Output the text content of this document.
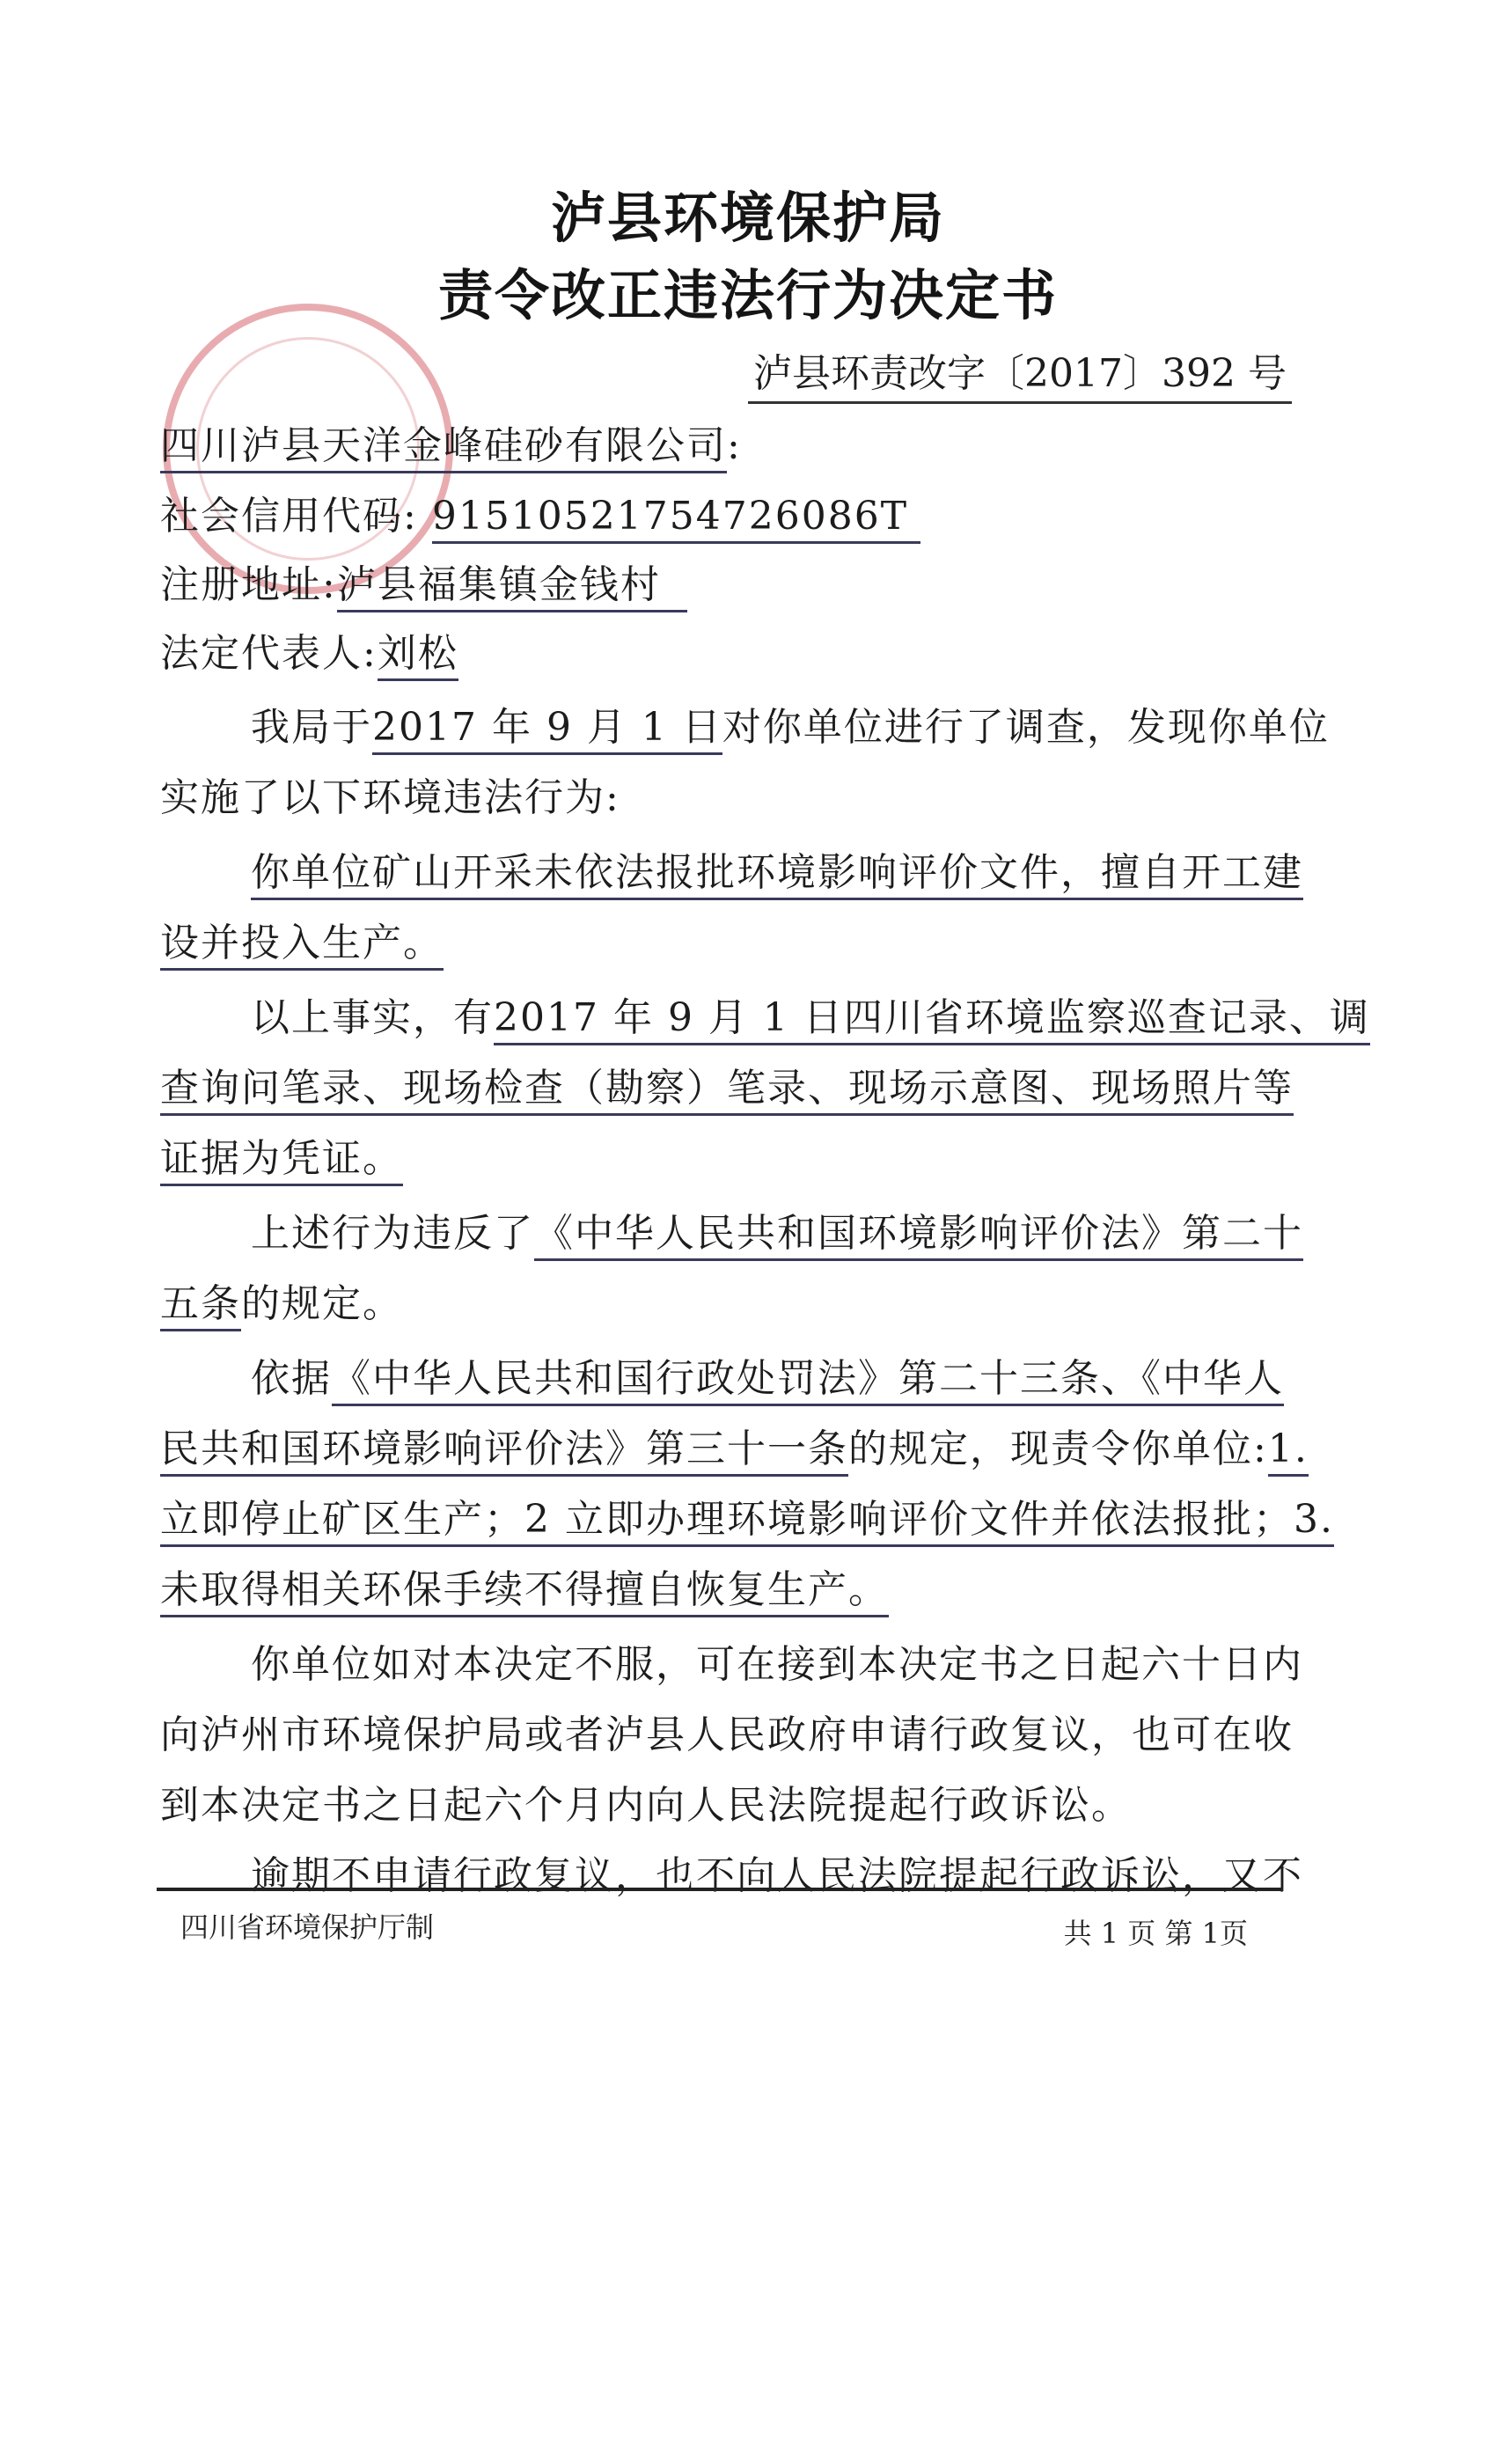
泸县环境保护局
责令改正违法行为决定书
泸县环责改字〔2017〕392 号
四川泸县天洋金峰硅砂有限公司:
社会信用代码: 91510521754726086T
注册地址:泸县福集镇金钱村
法定代表人:刘松
我局于2017 年 9 月 1 日对你单位进行了调查，发现你单位
实施了以下环境违法行为:
你单位矿山开采未依法报批环境影响评价文件，擅自开工建
设并投入生产。
以上事实，有2017 年 9 月 1 日四川省环境监察巡查记录、调
查询问笔录、现场检查（勘察）笔录、现场示意图、现场照片等
证据为凭证。
上述行为违反了《中华人民共和国环境影响评价法》第二十
五条的规定。
依据《中华人民共和国行政处罚法》第二十三条、《中华人
民共和国环境影响评价法》第三十一条的规定，现责令你单位:1.
立即停止矿区生产；2 立即办理环境影响评价文件并依法报批；3.
未取得相关环保手续不得擅自恢复生产。
你单位如对本决定不服，可在接到本决定书之日起六十日内
向泸州市环境保护局或者泸县人民政府申请行政复议，也可在收
到本决定书之日起六个月内向人民法院提起行政诉讼。
逾期不申请行政复议，也不向人民法院提起行政诉讼，又不
四川省环境保护厅制	共 1 页 第 1页
